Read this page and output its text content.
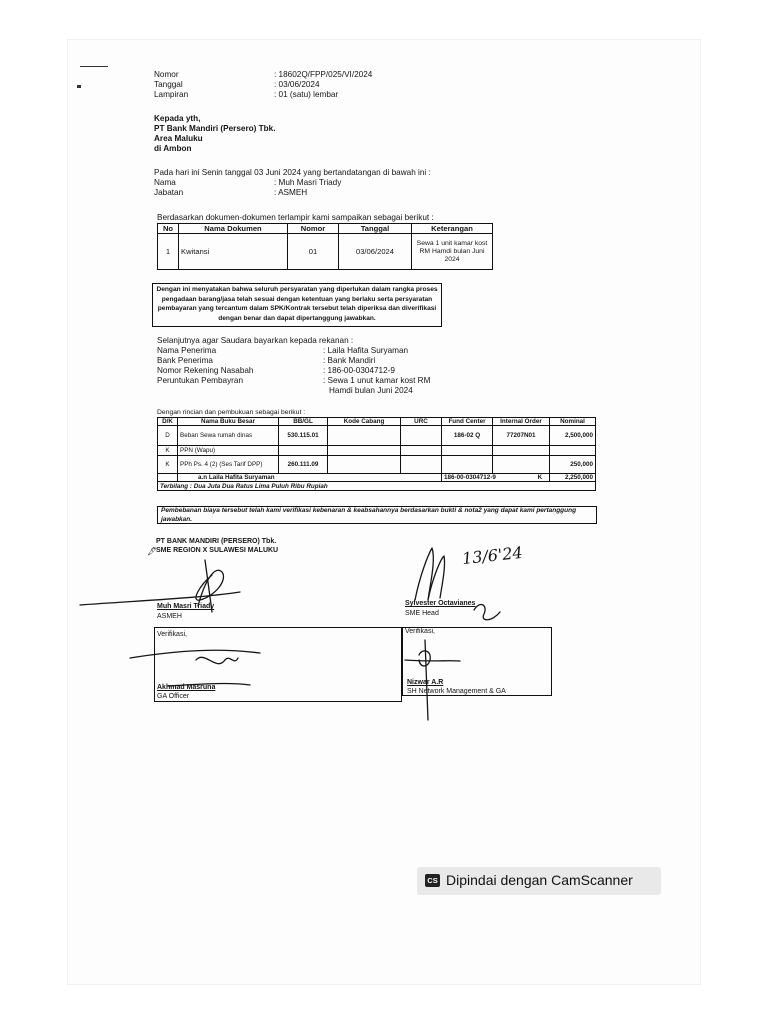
Nomor	: 18602Q/FPP/025/VI/2024
Tanggal	: 03/06/2024
Lampiran	: 01 (satu) lembar
Kepada yth,
PT Bank Mandiri (Persero) Tbk.
Area Maluku
di Ambon
Pada hari ini Senin tanggal 03 Juni 2024 yang bertandatangan di bawah ini :
Nama	: Muh Masri Triady
Jabatan	: ASMEH
Berdasarkan dokumen-dokumen terlampir kami sampaikan sebagai berikut :
No	Nama Dokumen	Nomor	Tanggal	Keterangan
1	Kwitansi	01	03/06/2024	Sewa 1 unit kamar kost RM Hamdi bulan Juni 2024
Dengan ini menyatakan bahwa seluruh persyaratan yang diperlukan dalam rangka proses pengadaan barang/jasa telah sesuai dengan ketentuan yang berlaku serta persyaratan pembayaran yang tercantum dalam SPK/Kontrak tersebut telah diperiksa dan diverifikasi dengan benar dan dapat dipertanggung jawabkan.
Selanjutnya agar Saudara bayarkan kepada rekanan :
Nama Penerima	: Laila Hafita Suryaman
Bank Penerima	: Bank Mandiri
Nomor Rekening Nasabah	: 186-00-0304712-9
Peruntukan Pembayran	: Sewa 1 unut kamar kost RM
Hamdi bulan Juni 2024
Dengan rincian dan pembukuan sebagai berikut :
D/K	Nama Buku Besar	BB/GL	Kode Cabang	URC	Fund Center	Internal Order	Nominal
D	Beban Sewa rumah dinas	530.115.01			186-02 Q	77207N01	2,500,000
K	PPN (Wapu)						
K	PPh Ps. 4 (2) (Ses Tarif DPP)	260.111.09					250,000
	a.n Laila Hafita Suryaman				186-00-0304712-9 K		2,250,000
Terbilang : Dua Juta Dua Ratus Lima Puluh Ribu Rupiah							
Pembebanan biaya tersebut telah kami verifikasi kebenaran & keabsahannya berdasarkan bukti & nota2 yang dapat kami pertanggung jawabkan.
PT BANK MANDIRI (PERSERO) Tbk.
SME REGION X SULAWESI MALUKU
🖋	13/6'24
Muh Masri Triady
ASMEH
Sylvester Octavianes
SME Head
Verifikasi,	Verifikasi,
Akhmad Masruna
GA Officer
Nizwar A.R
SH Network Management & GA
CS Dipindai dengan CamScanner
